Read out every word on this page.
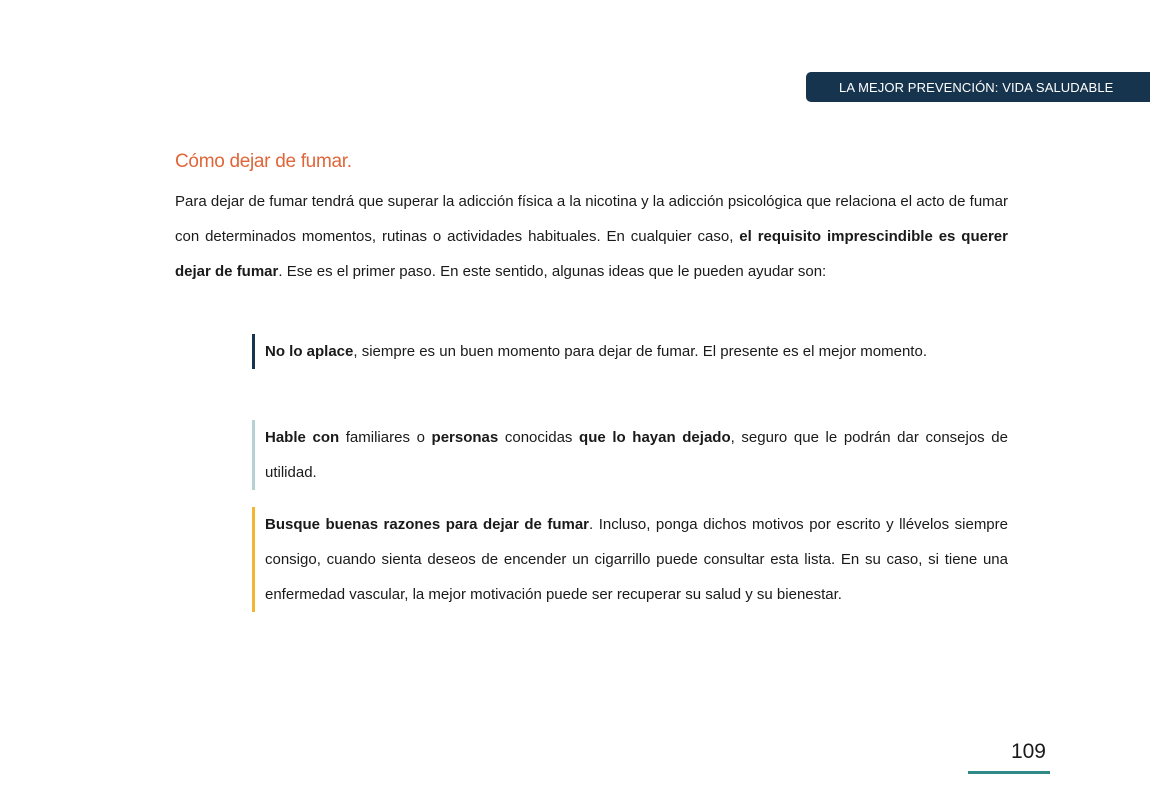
LA MEJOR PREVENCIÓN: VIDA SALUDABLE
Cómo dejar de fumar.

Para dejar de fumar tendrá que superar la adicción física a la nicotina y la adicción psicológica que relaciona el acto de fumar con determinados momentos, rutinas o actividades habituales. En cualquier caso, el requisito imprescindible es querer dejar de fumar. Ese es el primer paso. En este sentido, algunas ideas que le pueden ayudar son:

No lo aplace, siempre es un buen momento para dejar de fumar. El presente es el mejor momento.

Hable con familiares o personas conocidas que lo hayan dejado, seguro que le podrán dar consejos de utilidad.

Busque buenas razones para dejar de fumar. Incluso, ponga dichos motivos por escrito y llévelos siempre consigo, cuando sienta deseos de encender un cigarrillo puede consultar esta lista. En su caso, si tiene una enfermedad vascular, la mejor motivación puede ser recuperar su salud y su bienestar.

109
